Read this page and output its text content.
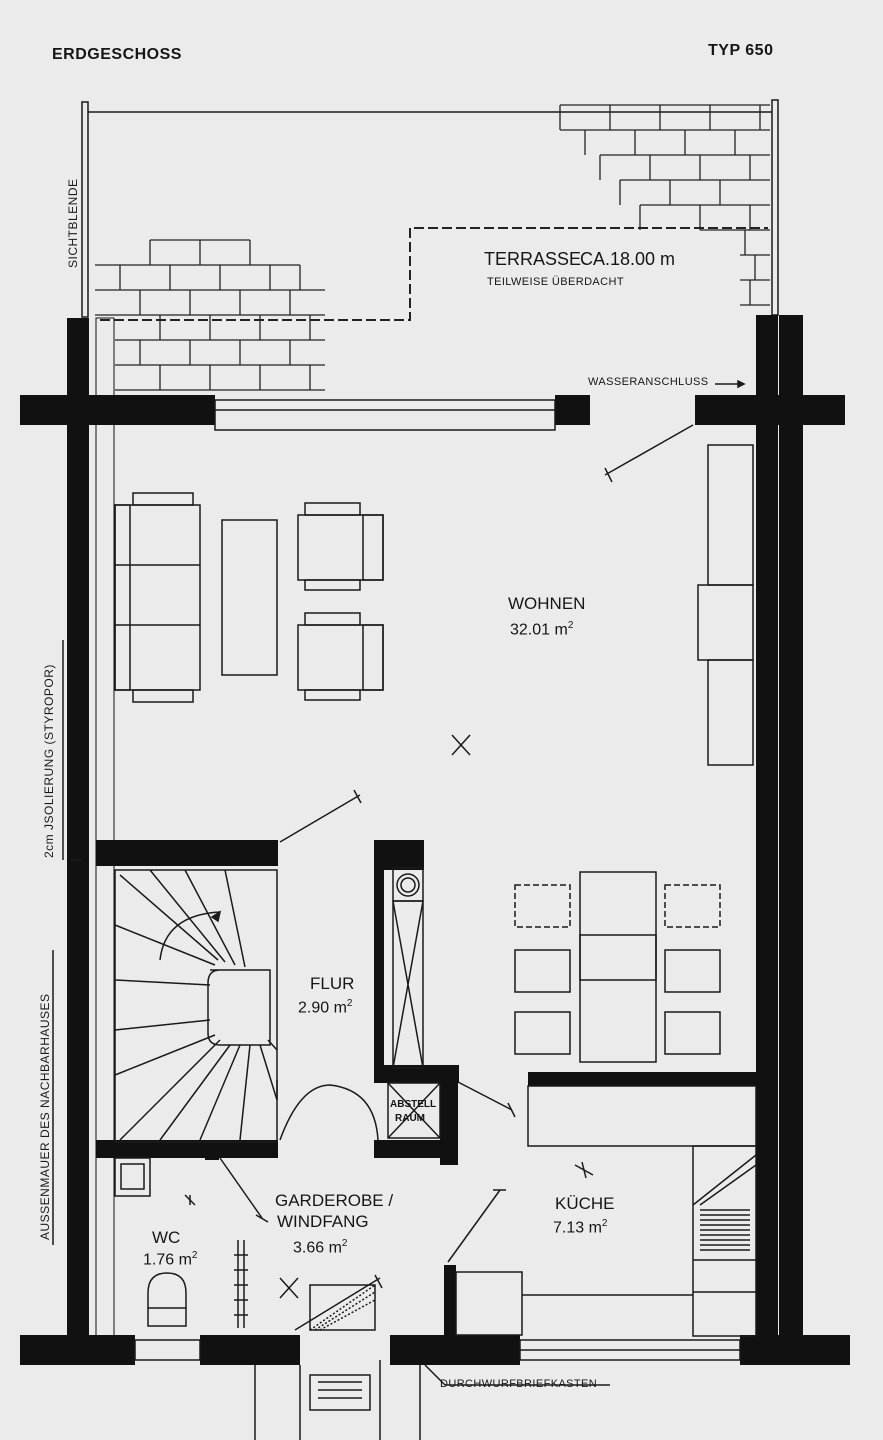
ERDGESCHOSS	TYP 650
TERRASSE
CA.18.00 m
TEILWEISE ÜBERDACHT
WASSERANSCHLUSS
WOHNEN
32.01 $m^2$
FLUR
2.90 $m^2$
ABSTELL
RAUM
GARDEROBE /
WINDFANG
3.66 $m^2$
KÜCHE
7.13 $m^2$
WC
1.76 $m^2$
DURCHWURFBRIEFKASTEN
SICHTBLENDE
2cm JSOLIERUNG (STYROPOR)
AUSSENMAUER DES NACHBARHAUSES
